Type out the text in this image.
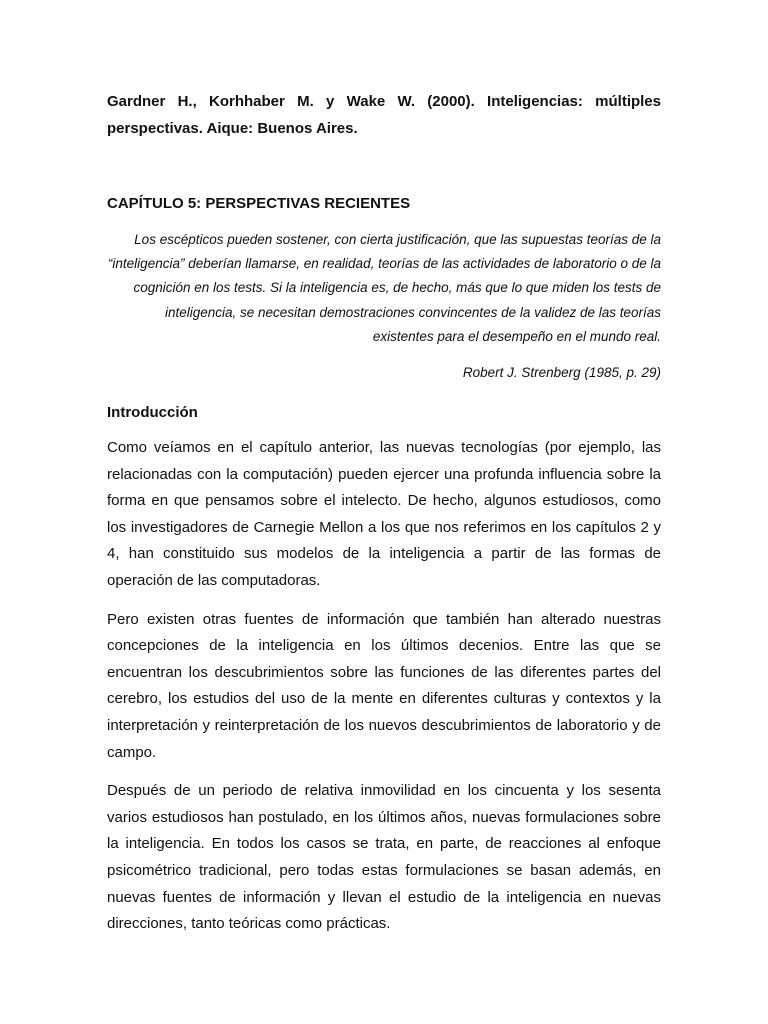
Gardner H., Korhhaber M. y Wake W. (2000). Inteligencias: múltiples perspectivas. Aique: Buenos Aires.

CAPÍTULO 5: PERSPECTIVAS RECIENTES

Los escépticos pueden sostener, con cierta justificación, que las supuestas teorías de la “inteligencia” deberían llamarse, en realidad, teorías de las actividades de laboratorio o de la cognición en los tests. Si la inteligencia es, de hecho, más que lo que miden los tests de inteligencia, se necesitan demostraciones convincentes de la validez de las teorías existentes para el desempeño en el mundo real.

Robert J. Strenberg (1985, p. 29)

Introducción

Como veíamos en el capítulo anterior, las nuevas tecnologías (por ejemplo, las relacionadas con la computación) pueden ejercer una profunda influencia sobre la forma en que pensamos sobre el intelecto. De hecho, algunos estudiosos, como los investigadores de Carnegie Mellon a los que nos referimos en los capítulos 2 y 4, han constituido sus modelos de la inteligencia a partir de las formas de operación de las computadoras.

Pero existen otras fuentes de información que también han alterado nuestras concepciones de la inteligencia en los últimos decenios. Entre las que se encuentran los descubrimientos sobre las funciones de las diferentes partes del cerebro, los estudios del uso de la mente en diferentes culturas y contextos y la interpretación y reinterpretación de los nuevos descubrimientos de laboratorio y de campo.

Después de un periodo de relativa inmovilidad en los cincuenta y los sesenta varios estudiosos han postulado, en los últimos años, nuevas formulaciones sobre la inteligencia. En todos los casos se trata, en parte, de reacciones al enfoque psicométrico tradicional, pero todas estas formulaciones se basan además, en nuevas fuentes de información y llevan el estudio de la inteligencia en nuevas direcciones, tanto teóricas como prácticas.
